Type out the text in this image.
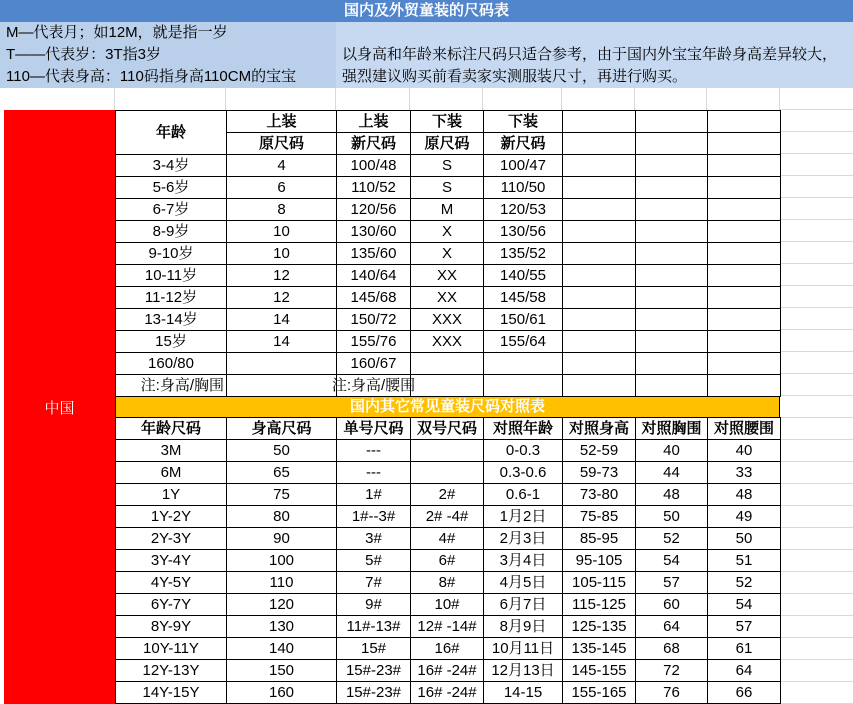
国内及外贸童装的尺码表
M—代表月；如12M，就是指一岁
T——代表岁：3T指3岁
110—代表身高：110码指身高110CM的宝宝
以身高和年龄来标注尺码只适合参考，由于国内外宝宝年龄身高差异较大，
强烈建议购买前看卖家实测服装尺寸，再进行购买。
中国
年龄	上装	上装	下装	下装			
	原尺码	新尺码	原尺码	新尺码			
3-4岁	4	100/48	S	100/47			
5-6岁	6	110/52	S	110/50			
6-7岁	8	120/56	M	120/53			
8-9岁	10	130/60	X	130/56			
9-10岁	10	135/60	X	135/52			
10-11岁	12	140/64	XX	140/55			
11-12岁	12	145/68	XX	145/58			
13-14岁	14	150/72	XXX	150/61			
15岁	14	155/76	XXX	155/64			
160/80		160/67					
注:身高/胸围		注:身高/腰围					
国内其它常见童装尺码对照表
年龄尺码	身高尺码	单号尺码	双号尺码	对照年龄	对照身高	对照胸围	对照腰围
3M	50	---		0-0.3	52-59	40	40
6M	65	---		0.3-0.6	59-73	44	33
1Y	75	1#	2#	0.6-1	73-80	48	48
1Y-2Y	80	1#--3#	2# -4#	1月2日	75-85	50	49
2Y-3Y	90	3#	4#	2月3日	85-95	52	50
3Y-4Y	100	5#	6#	3月4日	95-105	54	51
4Y-5Y	110	7#	8#	4月5日	105-115	57	52
6Y-7Y	120	9#	10#	6月7日	115-125	60	54
8Y-9Y	130	11#-13#	12# -14#	8月9日	125-135	64	57
10Y-11Y	140	15#	16#	10月11日	135-145	68	61
12Y-13Y	150	15#-23#	16# -24#	12月13日	145-155	72	64
14Y-15Y	160	15#-23#	16# -24#	14-15	155-165	76	66
